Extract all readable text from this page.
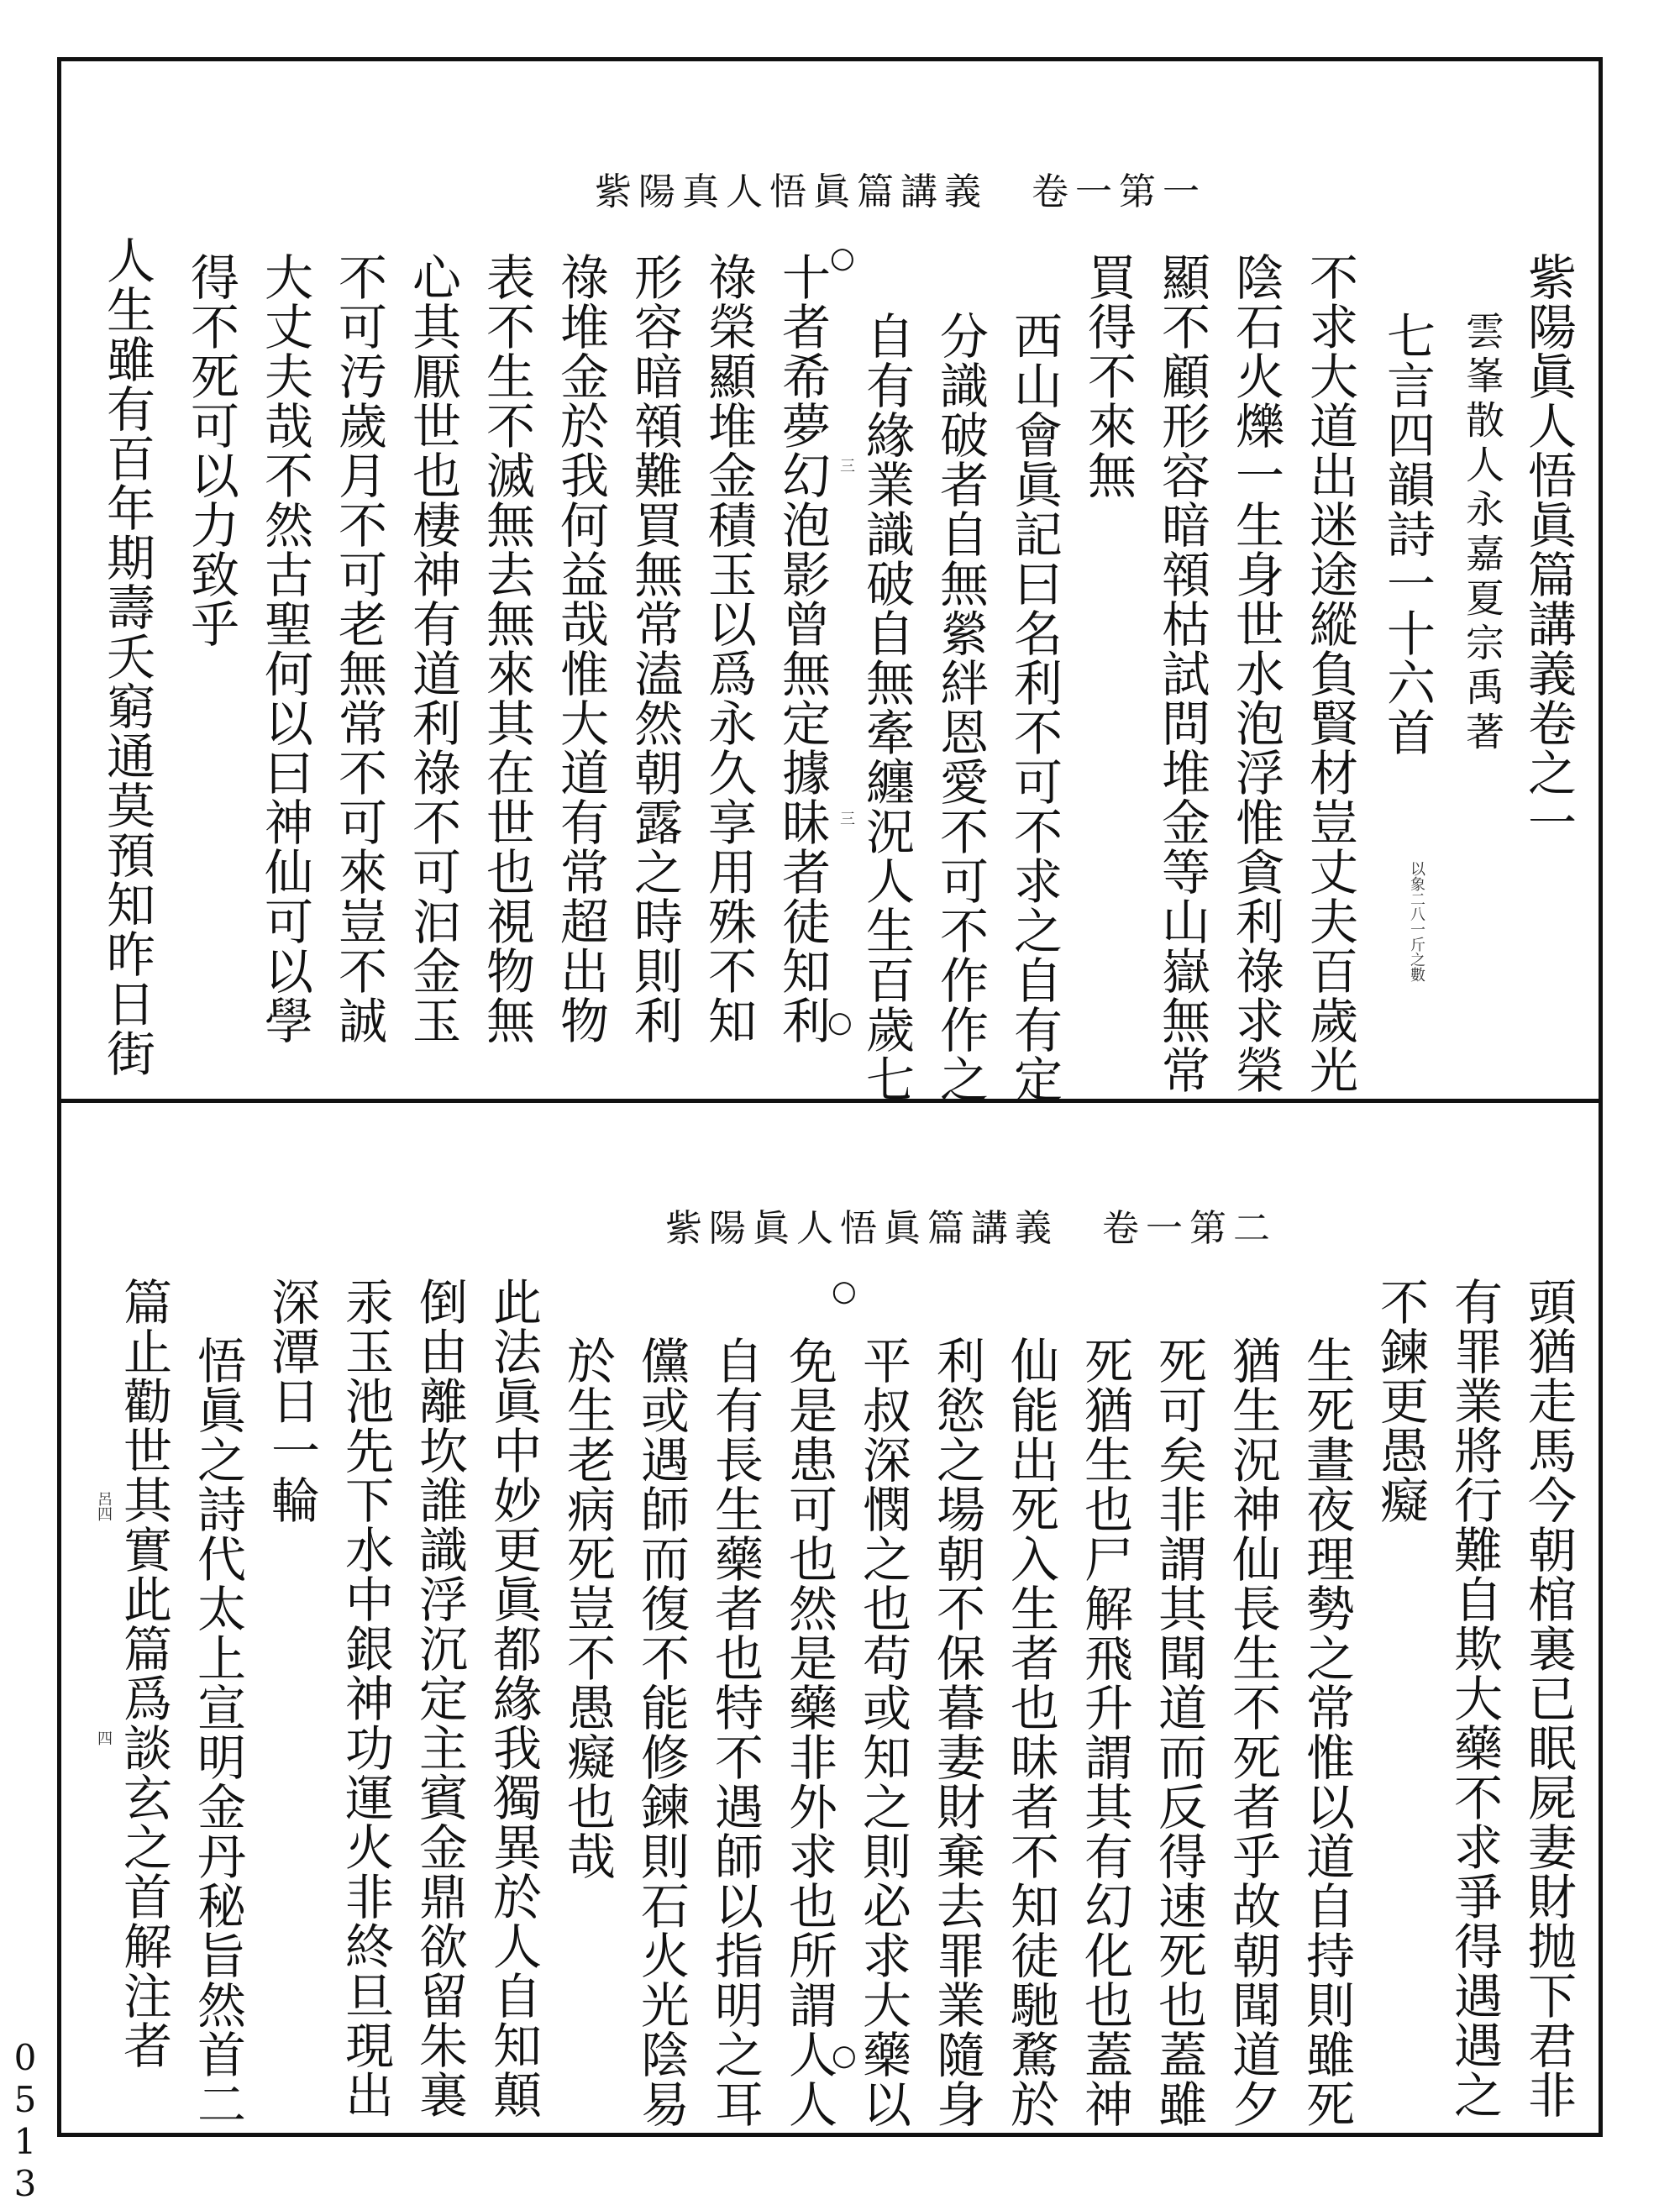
紫陽真人悟眞篇講義　卷一第一
紫陽眞人悟眞篇講義卷之一
雲峯散人永嘉夏宗禹著
七言四韻詩一十六首
以象二八一斤之數
不求大道出迷途縱負賢材豈丈夫百歲光
陰石火爍一生身世水泡浮惟貪利祿求榮
顯不顧形容暗顇枯試問堆金等山嶽無常
買得不來無
○
西山會眞記曰名利不可不求之自有定
分識破者自無縈絆恩愛不可不作作之
自有緣業識破自無牽纏況人生百歲七
○
十者希夢幻泡影曾無定據昧者徒知利 三
三
祿榮顯堆金積玉以爲永久享用殊不知
形容暗顇難買無常溘然朝露之時則利
祿堆金於我何益哉惟大道有常超出物
表不生不滅無去無來其在世也視物無
心其厭世也棲神有道利祿不可汩金玉
不可汚歲月不可老無常不可來豈不誠
大丈夫哉不然古聖何以曰神仙可以學
得不死可以力致乎
人生雖有百年期壽夭窮通莫預知昨日街
紫陽眞人悟眞篇講義　卷一第二
頭猶走馬今朝棺裏已眠屍妻財抛下君非
有罪業將行難自欺大藥不求爭得遇遇之
不鍊更愚癡
生死晝夜理勢之常惟以道自持則雖死
猶生況神仙長生不死者乎故朝聞道夕
死可矣非謂其聞道而反得速死也蓋雖
死猶生也尸解飛升謂其有幻化也蓋神
仙能出死入生者也昧者不知徒馳騖於
利慾之場朝不保暮妻財棄去罪業隨身
平叔深憫之也苟或知之則必求大藥以
○
○
免是患可也然是藥非外求也所謂人人
自有長生藥者也特不遇師以指明之耳
儻或遇師而復不能修鍊則石火光陰易
於生老病死豈不愚癡也哉
此法眞中妙更眞都緣我獨異於人自知顛
倒由離坎誰識浮沉定主賓金鼎欲留朱裏
汞玉池先下水中銀神功運火非終旦現出
深潭日一輪
悟眞之詩代太上宣明金丹秘旨然首二
篇止勸世其實此篇爲談玄之首解注者
呂四
四
0
5
1
3
